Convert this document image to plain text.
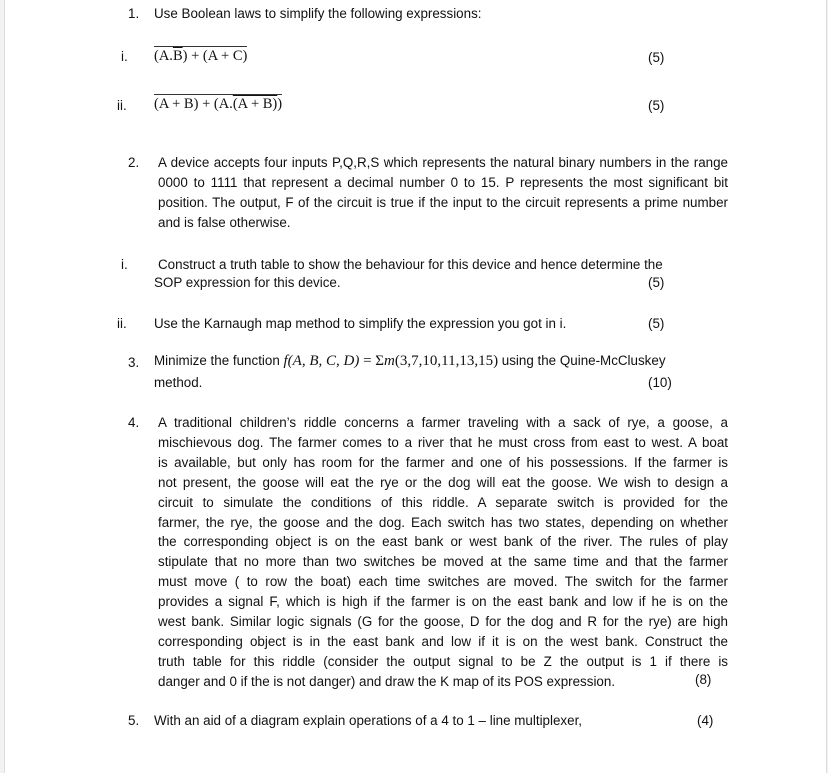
1. Use Boolean laws to simplify the following expressions:
i. $(A.\overline{B}) + (A + C)$	(5)
ii. (A + B) + (A.(A + B))	(5)
2. A device accepts four inputs P,Q,R,S which represents the natural binary numbers in the range 0000 to 1111 that represent a decimal number 0 to 15. P represents the most significant bit position. The output, F of the circuit is true if the input to the circuit represents a prime number and is false otherwise.
i. Construct a truth table to show the behaviour for this device and hence determine the
SOP expression for this device.	(5)
ii. Use the Karnaugh map method to simplify the expression you got in i.	(5)
3. Minimize the function f(A, B, C, D) = Σm(3,7,10,11,13,15) using the Quine-McCluskey
method.	(10)
4. A traditional children’s riddle concerns a farmer traveling with a sack of rye, a goose, a
mischievous dog. The farmer comes to a river that he must cross from east to west. A boat
is available, but only has room for the farmer and one of his possessions. If the farmer is
not present, the goose will eat the rye or the dog will eat the goose. We wish to design a
circuit to simulate the conditions of this riddle. A separate switch is provided for the
farmer, the rye, the goose and the dog. Each switch has two states, depending on whether
the corresponding object is on the east bank or west bank of the river. The rules of play
stipulate that no more than two switches be moved at the same time and that the farmer
must move ( to row the boat) each time switches are moved. The switch for the farmer
provides a signal F, which is high if the farmer is on the east bank and low if he is on the
west bank. Similar logic signals (G for the goose, D for the dog and R for the rye) are high
corresponding object is in the east bank and low if it is on the west bank. Construct the
truth table for this riddle (consider the output signal to be Z the output is 1 if there is
danger and 0 if the is not danger) and draw the K map of its POS expression.	(8)
5. With an aid of a diagram explain operations of a 4 to 1 – line multiplexer,	(4)
